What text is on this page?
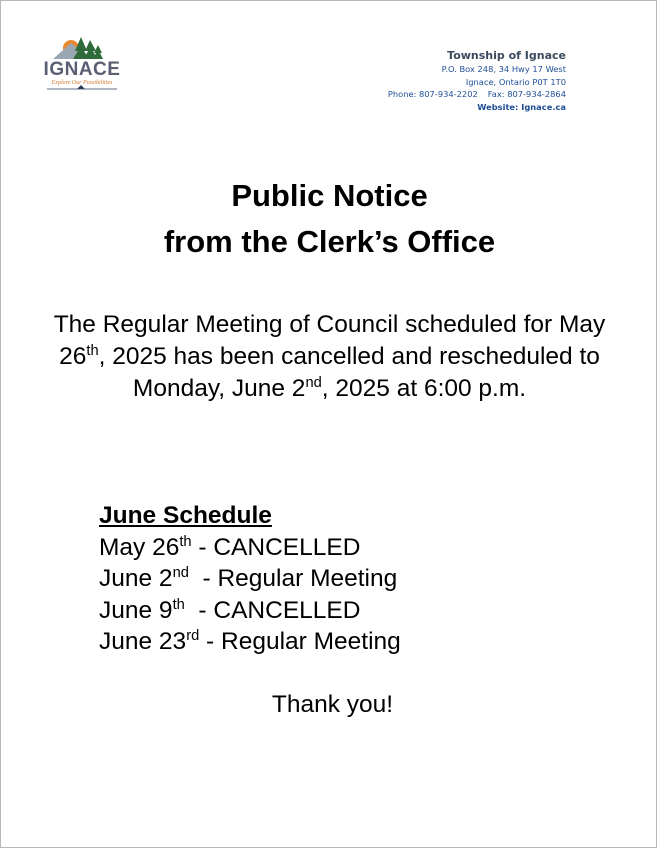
IGNACE
Explore Our Possibilities
Township of Ignace
P.O. Box 248, 34 Hwy 17 West
Ignace, Ontario P0T 1T0
Phone: 807-934-2202 Fax: 807-934-2864
Website: Ignace.ca
Public Notice
from the Clerk’s Office
The Regular Meeting of Council scheduled for May 26th, 2025 has been cancelled and rescheduled to Monday, June 2nd, 2025 at 6:00 p.m.
June Schedule
May 26th - CANCELLED
June 2nd  - Regular Meeting
June 9th  - CANCELLED
June 23rd - Regular Meeting
Thank you!
